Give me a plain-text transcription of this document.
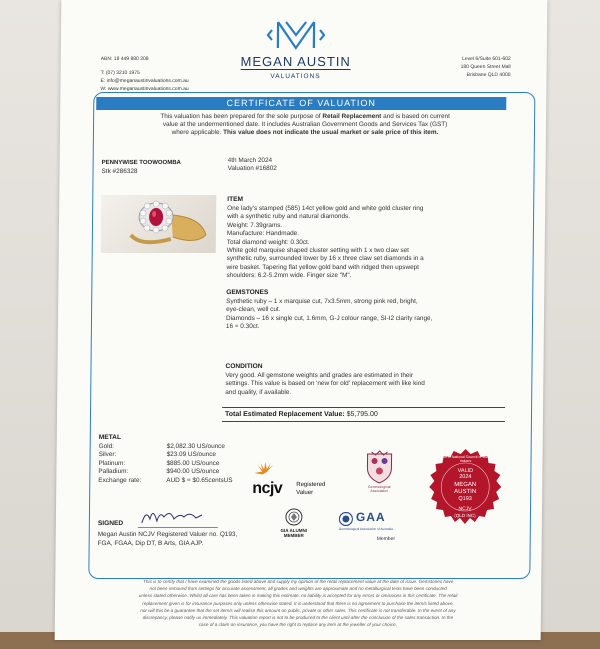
ABN: 18 449 880 208
T: (07) 3210 1975
E: info@meganaustinvaluations.com.au
W: www.meganaustinvaluations.com.au
MEGAN AUSTIN
VALUATIONS
Level 6/Suite 601-602
180 Queen Street Mall
Brisbane QLD 4000
CERTIFICATE OF VALUATION
This valuation has been prepared for the sole purpose of Retail Replacement and is based on current
value at the undermentioned date. It includes Australian Government Goods and Services Tax (GST)
where applicable. This value does not indicate the usual market or sale price of this item.
PENNYWISE TOOWOOMBA
Stk #286328
4th March 2024
Valuation #16802
ITEM
One lady's stamped (585) 14ct yellow gold and white gold cluster ring
with a synthetic ruby and natural diamonds.
Weight: 7.39grams.
Manufacture: Handmade.
Total diamond weight: 0.30ct.
White gold marquise shaped cluster setting with 1 x two claw set
synthetic ruby, surrounded lower by 16 x three claw set diamonds in a
wire basket. Tapering flat yellow gold band with ridged then upswept
shoulders: 6.2-5.2mm wide. Finger size "M".
GEMSTONES
Synthetic ruby – 1 x marquise cut, 7x3.5mm, strong pink red, bright,
eye-clean, well cut.
Diamonds – 16 x single cut, 1.6mm, G-J colour range, SI-I2 clarity range,
16 = 0.30ct.
CONDITION
Very good. All gemstone weights and grades are estimated in their
settings. This value is based on 'new for old' replacement with like kind
and quality, if available.
Total Estimated Replacement Value: $5,795.00
METAL
Gold:	$2,082.30 US/ounce
Silver:	$23.09 US/ounce
Platinum:	$885.00 US/ounce
Palladium:	$940.00 US/ounce
Exchange rate:	AUD $ = $0.65centsUS	ncjv Registered
Valuer
Gemmological
Association
VALID
2024
MEGAN
AUSTIN
Q193
NCJV
(QLD INC)
Member of National Council of Jewellery Valuers
SIGNED
Megan Austin NCJV Registered Valuer no. Q193,
FGA, FGAA, Dip DT, B Arts, GIA AJP.
GIA ALUMNI
MEMBER
GAA
Gemmological Association of Australia
Member
This is to certify that I have examined the goods listed above and supply my opinion of the retail replacement value at the date of issue. Gemstones have
not been removed from settings for accurate assessment, all grades and weights are approximate and no metallurgical tests have been conducted
unless stated otherwise. Whilst all care has been taken in making this estimate, no liability is accepted for any errors or omissions in this certificate. The retail
replacement given is for insurance purposes only unless otherwise stated. It is understood that there is no agreement to purchase the item/s listed above,
nor will this be a guarantee that the set item/s will realise this amount on public, private or other sales. This certificate is not transferable. In the event of any
discrepancy, please notify us immediately. This valuation report is not to be produced to the client until after the conclusion of the sales transaction. In the
case of a claim on insurance, you have the right to replace any item at the jeweller of your choice.
